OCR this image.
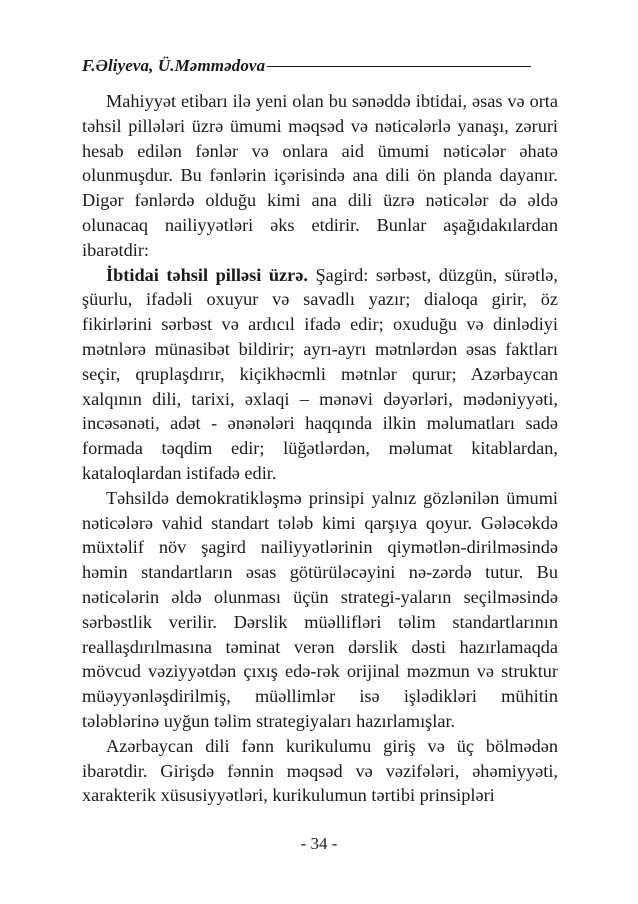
F.Əliyeva, Ü.Məmmədova

Mahiyyət etibarı ilə yeni olan bu sənəddə ibtidai, əsas və orta təhsil pillələri üzrə ümumi məqsəd və nəticələrlə yanaşı, zəruri hesab edilən fənlər və onlara aid ümumi nəticələr əhatə olunmuşdur. Bu fənlərin içərisində ana dili ön planda dayanır. Digər fənlərdə olduğu kimi ana dili üzrə nəticələr də əldə olunacaq nailiyyətləri əks etdirir. Bunlar aşağıdakılardan ibarətdir:

İbtidai təhsil pilləsi üzrə. Şagird: sərbəst, düzgün, sürətlə, şüurlu, ifadəli oxuyur və savadlı yazır; dialoqa girir, öz fikirlərini sərbəst və ardıcıl ifadə edir; oxuduğu və dinlədiyi mətnlərə münasibət bildirir; ayrı-ayrı mətnlərdən əsas faktları seçir, qruplaşdırır, kiçikhəcmli mətnlər qurur; Azərbaycan xalqının dili, tarixi, əxlaqi – mənəvi dəyərləri, mədəniyyəti, incəsənəti, adət - ənənələri haqqında ilkin məlumatları sadə formada təqdim edir; lüğətlərdən, məlumat kitablardan, kataloqlardan istifadə edir.

Təhsildə demokratikləşmə prinsipi yalnız gözlənilən ümumi nəticələrə vahid standart tələb kimi qarşıya qoyur. Gələcəkdə müxtəlif növ şagird nailiyyətlərinin qiymətlən-dirilməsində həmin standartların əsas götürüləcəyini nə-zərdə tutur. Bu nəticələrin əldə olunması üçün strategi-yaların seçilməsində sərbəstlik verilir. Dərslik müəllifləri təlim standartlarının reallaşdırılmasına təminat verən dərslik dəsti hazırlamaqda mövcud vəziyyətdən çıxış edə-rək orijinal məzmun və struktur müəyyənləşdirilmiş, müəllimlər isə işlədikləri mühitin tələblərinə uyğun təlim strategiyaları hazırlamışlar.

Azərbaycan dili fənn kurikulumu giriş və üç bölmədən ibarətdir. Girişdə fənnin məqsəd və vəzifələri, əhəmiyyəti, xarakterik xüsusiyyətləri, kurikulumun tərtibi prinsipləri

- 34 -
